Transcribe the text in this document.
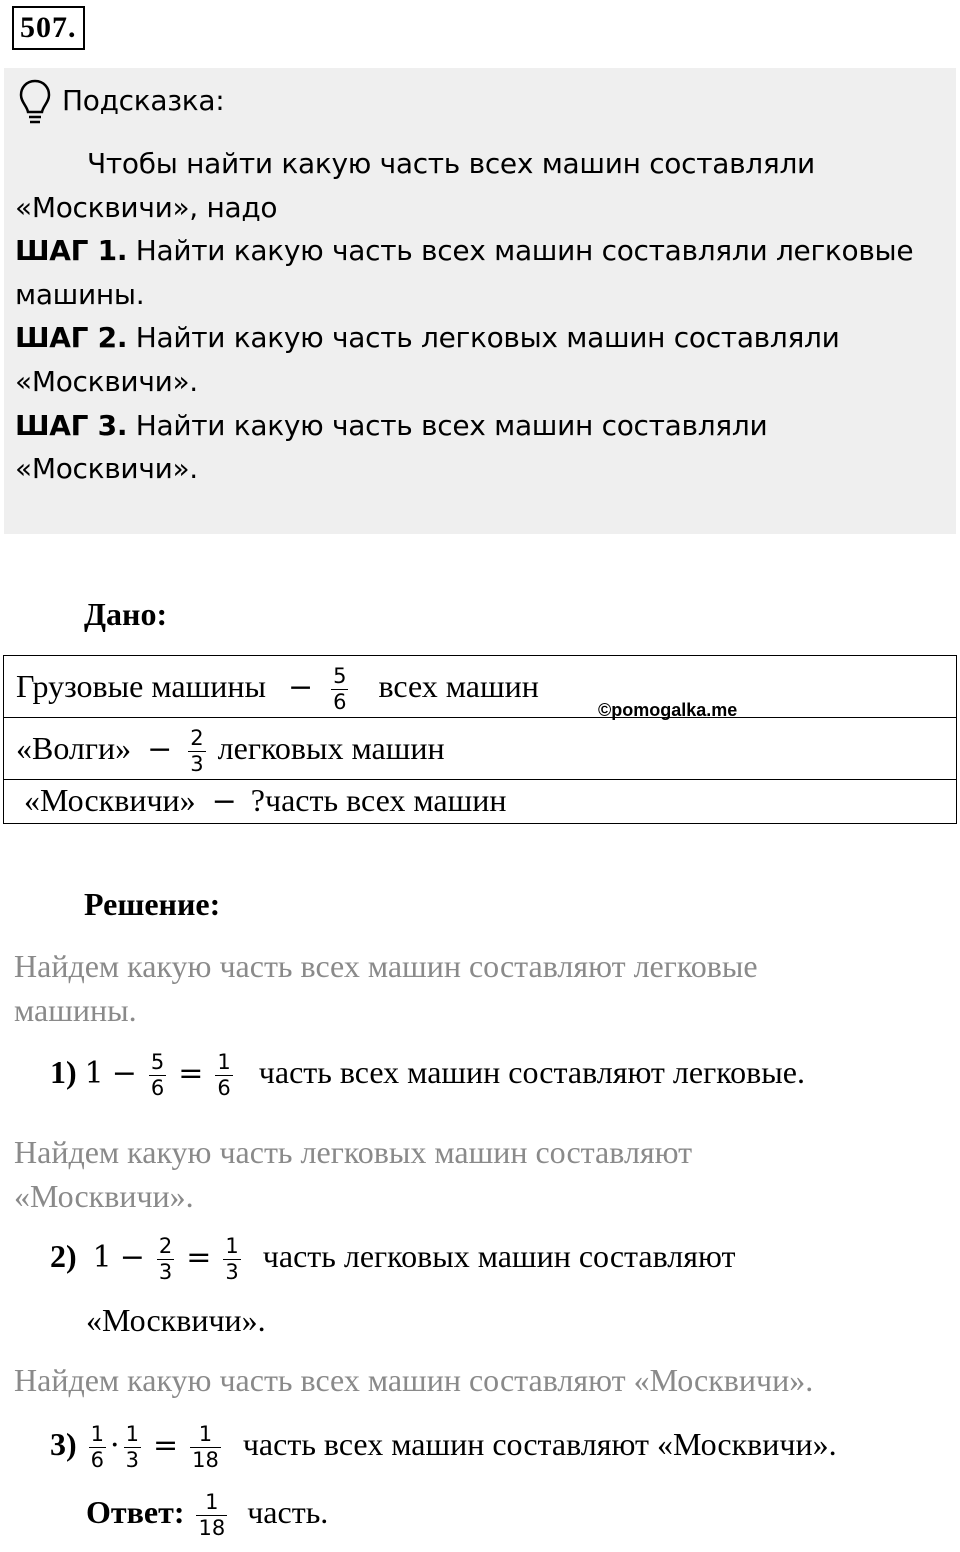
507.
Подсказка:

Чтобы найти какую часть всех машин составляли

«Москвичи», надо

ШАГ 1. Найти какую часть всех машин составляли легковые

машины.

ШАГ 2. Найти какую часть легковых машин составляли

«Москвичи».

ШАГ 3. Найти какую часть всех машин составляли

«Москвичи».

Дано:
Грузовые машины − $\frac{5}{6}$ всех машин
«Волги» − $\frac{2}{3}$ легковых машин
«Москвичи» − ?часть всех машин
©pomogalka.me
Решение:
Найдем какую часть всех машин составляют легковые
машины.
1) $1 - \frac{5}{6} = \frac{1}{6}$ часть всех машин составляют легковые.
Найдем какую часть легковых машин составляют
«Москвичи».
2) $1 - \frac{2}{3} = \frac{1}{3}$ часть легковых машин составляют
«Москвичи».
Найдем какую часть всех машин составляют «Москвичи».
$3) \frac{1}{6} \cdot \frac{1}{3} = \frac{1}{18}$ часть всех машин составляют «Москвичи».
Ответ: $\frac{1}{18}$ часть.
